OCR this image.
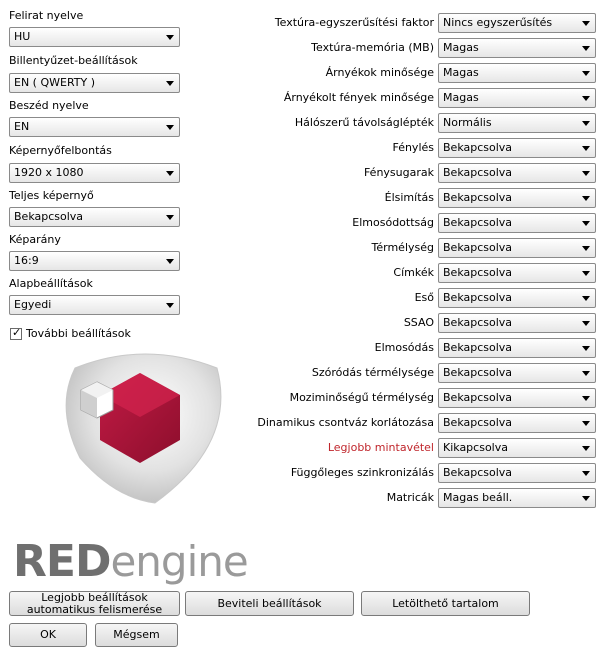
Felirat nyelve
HU
Billentyűzet-beállítások
EN ( QWERTY )
Beszéd nyelve
EN
Képernyőfelbontás
1920 x 1080
Teljes képernyő
Bekapcsolva
Képarány
16:9
Alapbeállítások
Egyedi
✓ További beállítások
REDengine
Textúra-egyszerűsítési faktor Nincs egyszerűsítés
Textúra-memória (MB) Magas
Árnyékok minősége Magas
Árnyékolt fények minősége Magas
Hálószerű távolságlépték Normális
Fénylés Bekapcsolva
Fénysugarak Bekapcsolva
Élsimítás Bekapcsolva
Elmosódottság Bekapcsolva
Térmélység Bekapcsolva
Címkék Bekapcsolva
Eső Bekapcsolva
SSAO Bekapcsolva
Elmosódás Bekapcsolva
Szóródás térmélysége Bekapcsolva
Moziminőségű térmélység Bekapcsolva
Dinamikus csontváz korlátozása Bekapcsolva
Legjobb mintavétel Kikapcsolva
Függőleges szinkronizálás Bekapcsolva
Matricák Magas beáll.
Legjobb beállítások automatikus felismerése	Beviteli beállítások	Letölthető tartalom
OK	Mégsem
